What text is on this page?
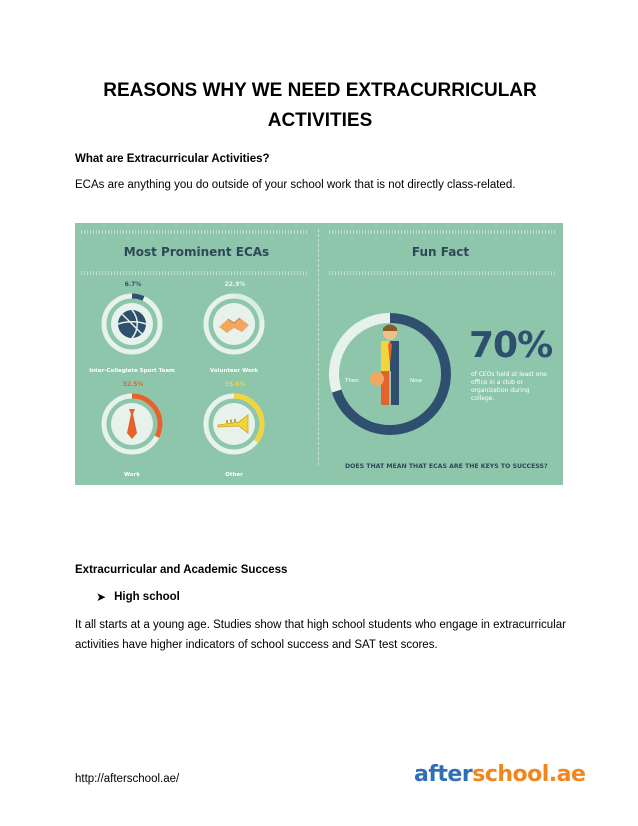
REASONS WHY WE NEED EXTRACURRICULAR ACTIVITIES

What are Extracurricular Activities?

ECAs are anything you do outside of your school work that is not directly class-related.

Most Prominent ECAs	Fun Fact
6.7%
Inter-Collegiate Sport Team
22.9%
Volunteer Work
32.5%
Work
35.6%
Other
Then	Now
70%
of CEOs held at least one office in a club or organization during college.
DOES THAT MEAN THAT ECAS ARE THE KEYS TO SUCCESS?

Extracurricular and Academic Success

➤ High school

It all starts at a young age. Studies show that high school students who engage in extracurricular activities have higher indicators of school success and SAT test scores.

http://afterschool.ae/	afterschool.ae
